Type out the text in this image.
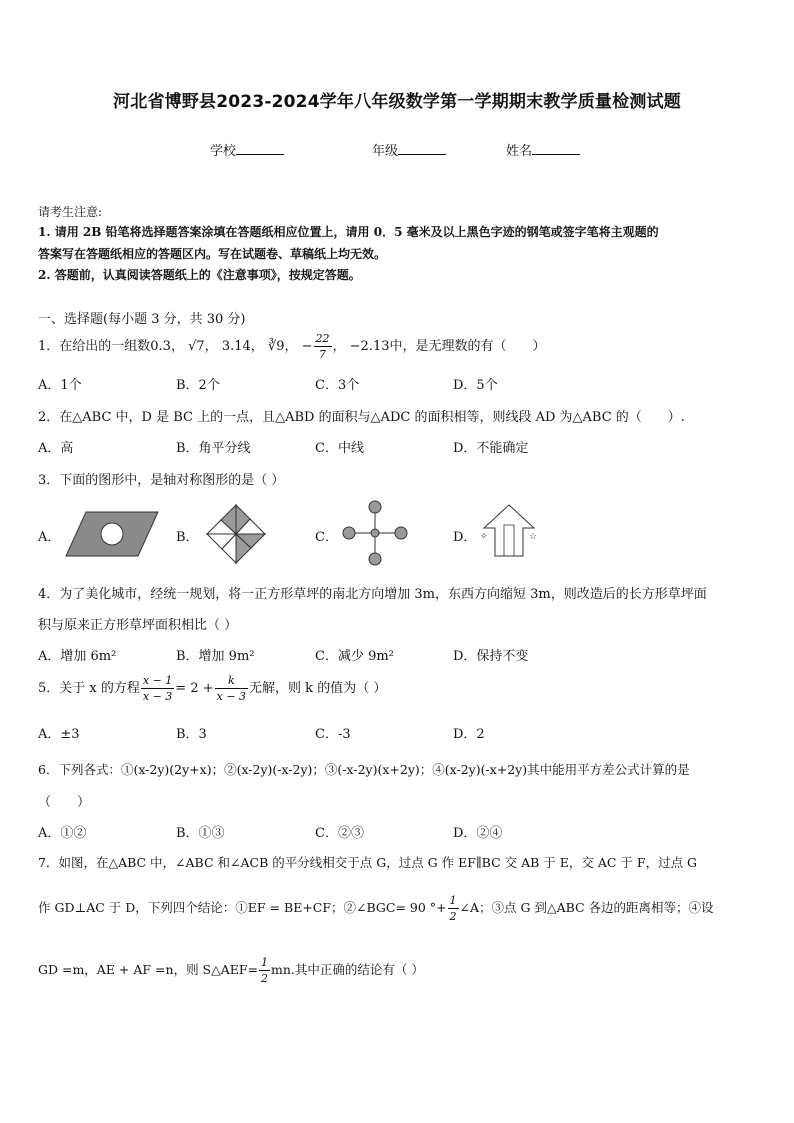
河北省博野县2023-2024学年八年级数学第一学期期末教学质量检测试题
学校	年级	姓名
请考生注意:
1. 请用 2B 铅笔将选择题答案涂填在答题纸相应位置上，请用 0．5 毫米及以上黑色字迹的钢笔或签字笔将主观题的
答案写在答题纸相应的答题区内。写在试题卷、草稿纸上均无效。
2. 答题前，认真阅读答题纸上的《注意事项》，按规定答题。
一、选择题(每小题 3 分，共 30 分)
1．在给出的一组数0.3， √7， 3.14， ∛9， − $\frac{22}{7}$ ， −2.13中，是无理数的有（　　）
A．1个	B．2个	C．3个	D．5个
2．在△ABC 中，D 是 BC 上的一点，且△ABD 的面积与△ADC 的面积相等，则线段 AD 为△ABC 的（　　）.
A．高	B．角平分线	C．中线	D．不能确定
3．下面的图形中，是轴对称图形的是（ ）
A．	B．	C．	D． ✧	☆
4．为了美化城市，经统一规划，将一正方形草坪的南北方向增加 3m，东西方向缩短 3m，则改造后的长方形草坪面
积与原来正方形草坪面积相比（ ）
A．增加 6m²	B．增加 9m²	C．减少 9m²	D．保持不变
5．关于 x 的方程 $\frac{x - 1}{x - 3} = 2 + \frac{k}{x - 3}$ 无解，则 k 的值为（ ）
A．±3	B．3	C．-3	D．2
6．下列各式：①(x-2y)(2y+x)；②(x-2y)(-x-2y)；③(-x-2y)(x+2y)；④(x-2y)(-x+2y)其中能用平方差公式计算的是
（　　）
A．①②	B．①③	C．②③	D．②④
7．如图，在△ABC 中，∠ABC 和∠ACB 的平分线相交于点 G，过点 G 作 EF∥BC 交 AB 于 E，交 AC 于 F，过点 G
作 GD⊥AC 于 D，下列四个结论：①EF = BE+CF；②∠BGC= 90 °+ $\frac{1}{2}$ ∠A；③点 G 到△ABC 各边的距离相等；④设
GD =m，AE + AF =n，则 S△AEF= $\frac{1}{2}$ mn.其中正确的结论有（ ）
